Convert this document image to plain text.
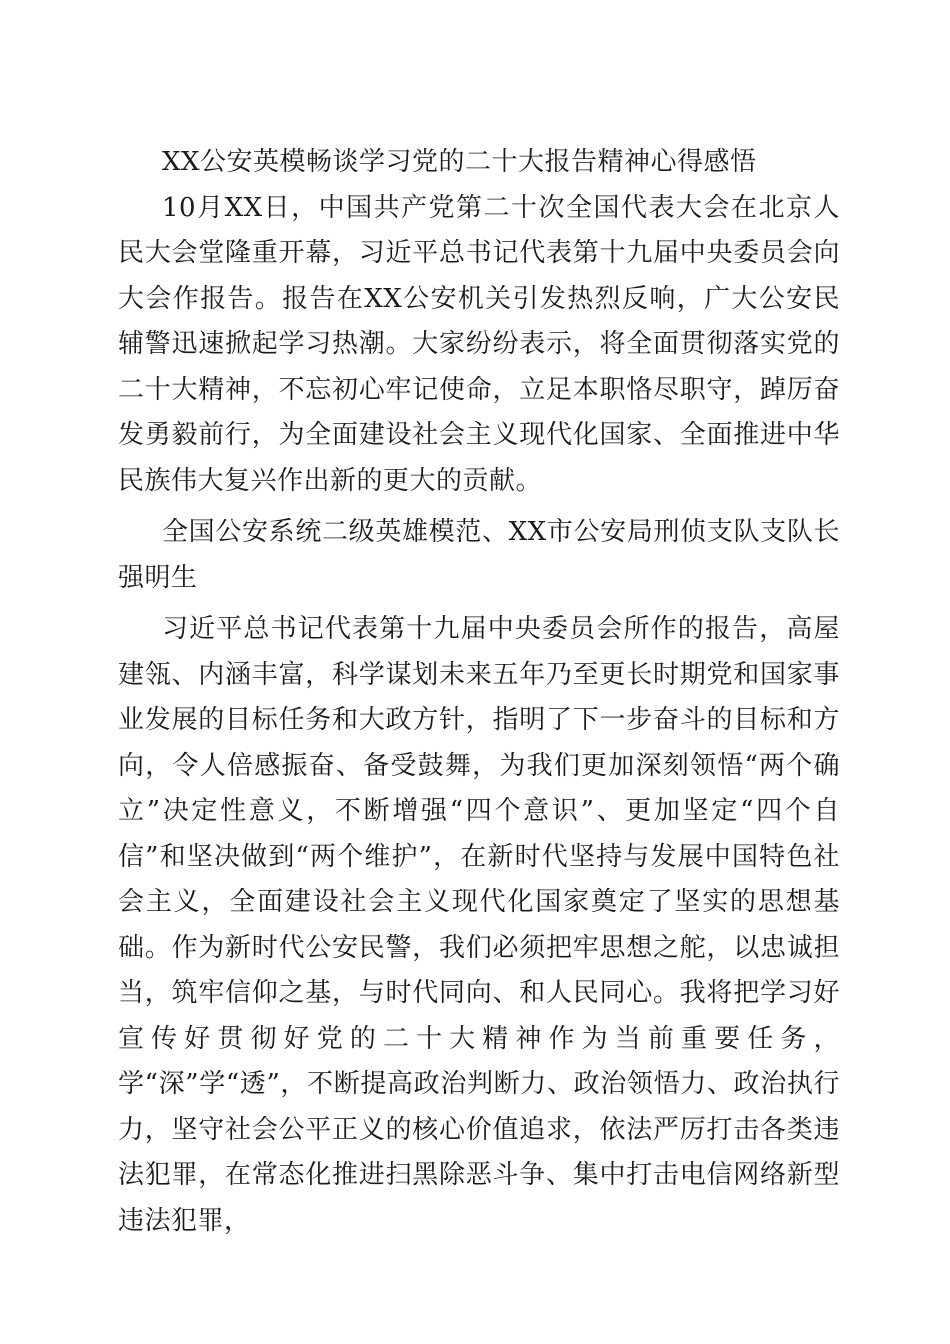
XX公安英模畅谈学习党的二十大报告精神心得感悟

10月XX日，中国共产党第二十次全国代表大会在北京人民大会堂隆重开幕，习近平总书记代表第十九届中央委员会向大会作报告。报告在XX公安机关引发热烈反响，广大公安民辅警迅速掀起学习热潮。大家纷纷表示，将全面贯彻落实党的二十大精神，不忘初心牢记使命，立足本职恪尽职守，踔厉奋发勇毅前行，为全面建设社会主义现代化国家、全面推进中华民族伟大复兴作出新的更大的贡献。

全国公安系统二级英雄模范、XX市公安局刑侦支队支队长强明生

习近平总书记代表第十九届中央委员会所作的报告，高屋建瓴、内涵丰富，科学谋划未来五年乃至更长时期党和国家事业发展的目标任务和大政方针，指明了下一步奋斗的目标和方向，令人倍感振奋、备受鼓舞，为我们更加深刻领悟“两个确立”决定性意义，不断增强“四个意识”、更加坚定“四个自信”和坚决做到“两个维护”，在新时代坚持与发展中国特色社会主义，全面建设社会主义现代化国家奠定了坚实的思想基础。作为新时代公安民警，我们必须把牢思想之舵，以忠诚担当，筑牢信仰之基，与时代同向、和人民同心。我将把学习好宣传好贯彻好党的二十大精神作为当前重要任务，学“深”学“透”，不断提高政治判断力、政治领悟力、政治执行力，坚守社会公平正义的核心价值追求，依法严厉打击各类违法犯罪，在常态化推进扫黑除恶斗争、集中打击电信网络新型违法犯罪，
